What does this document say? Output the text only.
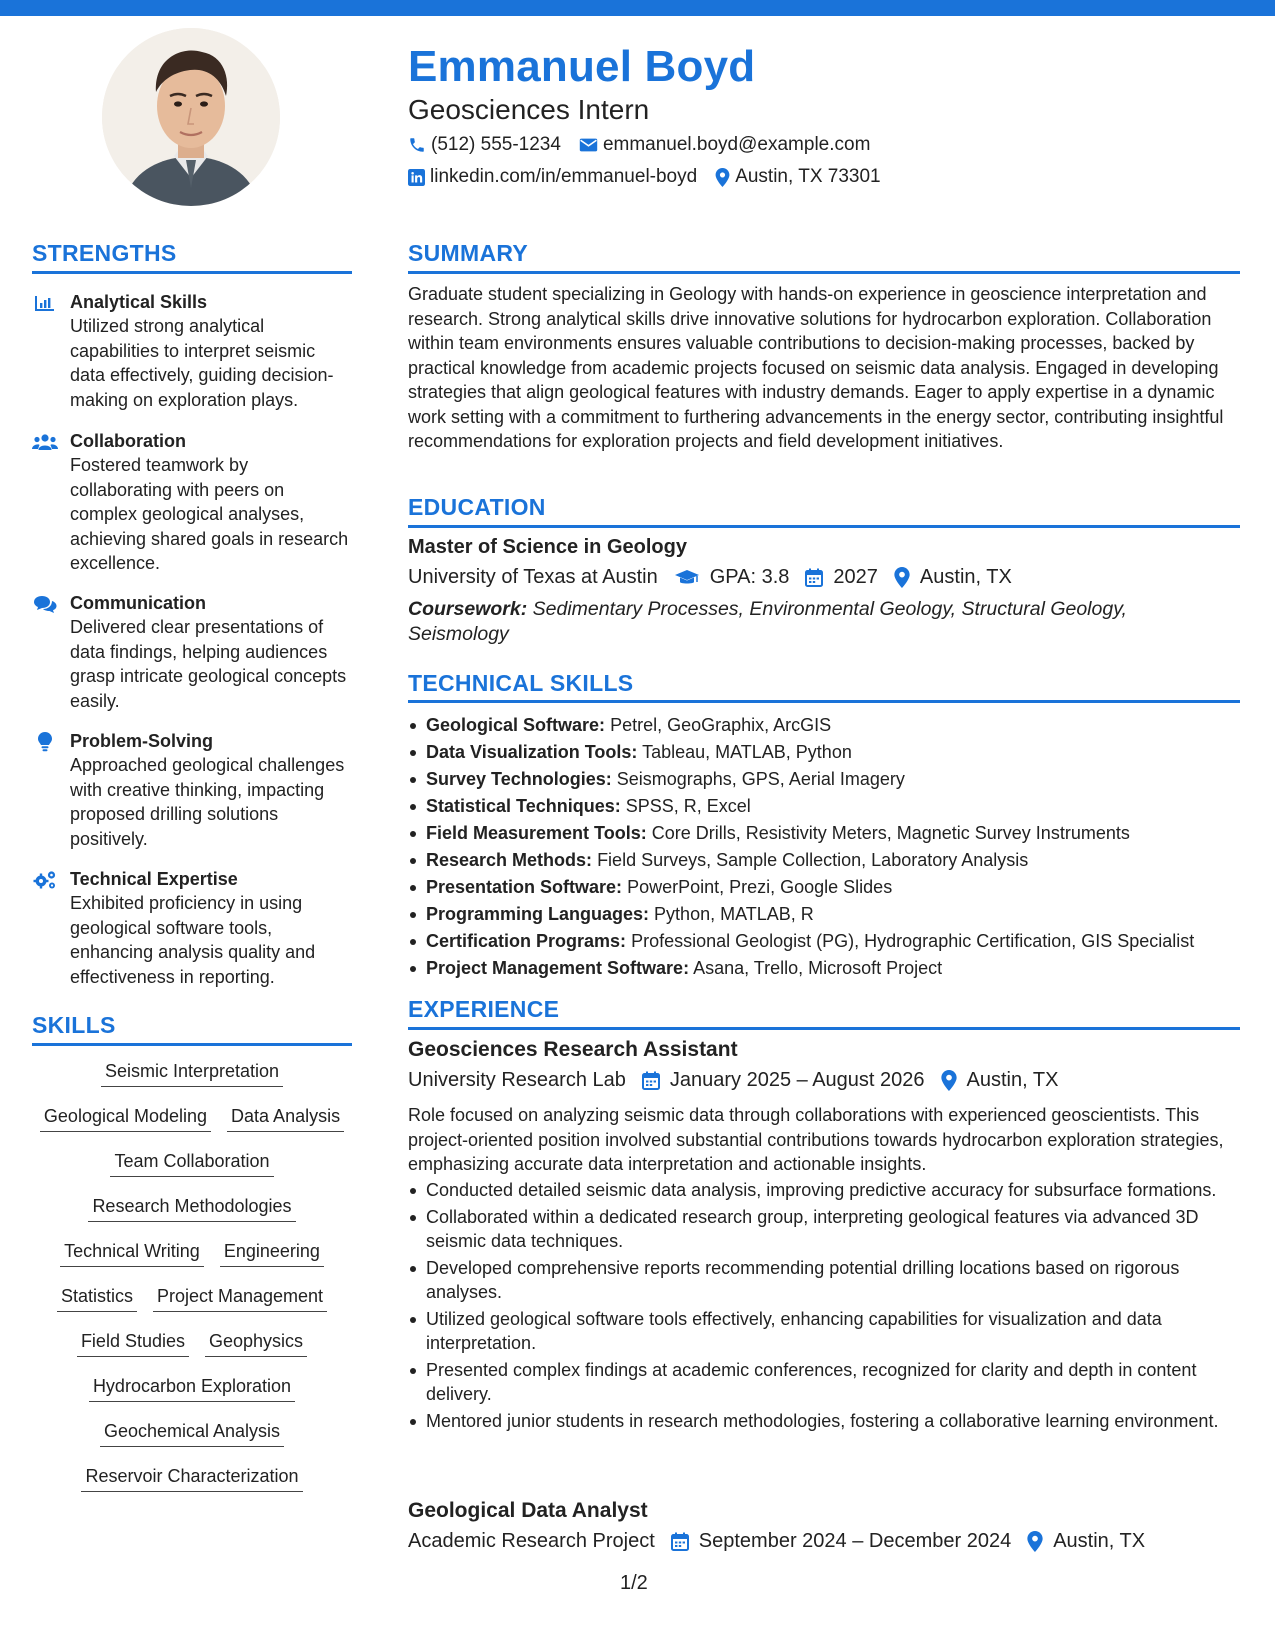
Emmanuel Boyd
Geosciences Intern
(512) 555-1234 emmanuel.boyd@example.com
linkedin.com/in/emmanuel-boyd Austin, TX 73301
STRENGTHS
Analytical Skills
Utilized strong analytical capabilities to interpret seismic data effectively, guiding decision-making on exploration plays.
Collaboration
Fostered teamwork by collaborating with peers on complex geological analyses, achieving shared goals in research excellence.
Communication
Delivered clear presentations of data findings, helping audiences grasp intricate geological concepts easily.
Problem-Solving
Approached geological challenges with creative thinking, impacting proposed drilling solutions positively.
Technical Expertise
Exhibited proficiency in using geological software tools, enhancing analysis quality and effectiveness in reporting.
SKILLS
Seismic Interpretation
Geological Modeling Data Analysis
Team Collaboration
Research Methodologies
Technical Writing Engineering
Statistics Project Management
Field Studies Geophysics
Hydrocarbon Exploration
Geochemical Analysis
Reservoir Characterization
SUMMARY
Graduate student specializing in Geology with hands-on experience in geoscience interpretation and research. Strong analytical skills drive innovative solutions for hydrocarbon exploration. Collaboration within team environments ensures valuable contributions to decision-making processes, backed by practical knowledge from academic projects focused on seismic data analysis. Engaged in developing strategies that align geological features with industry demands. Eager to apply expertise in a dynamic work setting with a commitment to furthering advancements in the energy sector, contributing insightful recommendations for exploration projects and field development initiatives.
EDUCATION
Master of Science in Geology
University of Texas at Austin	GPA: 3.8 2027 Austin, TX
Coursework: Sedimentary Processes, Environmental Geology, Structural Geology, Seismology
TECHNICAL SKILLS
Geological Software: Petrel, GeoGraphix, ArcGIS
Data Visualization Tools: Tableau, MATLAB, Python
Survey Technologies: Seismographs, GPS, Aerial Imagery
Statistical Techniques: SPSS, R, Excel
Field Measurement Tools: Core Drills, Resistivity Meters, Magnetic Survey Instruments
Research Methods: Field Surveys, Sample Collection, Laboratory Analysis
Presentation Software: PowerPoint, Prezi, Google Slides
Programming Languages: Python, MATLAB, R
Certification Programs: Professional Geologist (PG), Hydrographic Certification, GIS Specialist
Project Management Software: Asana, Trello, Microsoft Project
EXPERIENCE
Geosciences Research Assistant
University Research Lab January 2025 – August 2026 Austin, TX
Role focused on analyzing seismic data through collaborations with experienced geoscientists. This project-oriented position involved substantial contributions towards hydrocarbon exploration strategies, emphasizing accurate data interpretation and actionable insights.
Conducted detailed seismic data analysis, improving predictive accuracy for subsurface formations.
Collaborated within a dedicated research group, interpreting geological features via advanced 3D seismic data techniques.
Developed comprehensive reports recommending potential drilling locations based on rigorous analyses.
Utilized geological software tools effectively, enhancing capabilities for visualization and data interpretation.
Presented complex findings at academic conferences, recognized for clarity and depth in content delivery.
Mentored junior students in research methodologies, fostering a collaborative learning environment.
Geological Data Analyst
Academic Research Project September 2024 – December 2024 Austin, TX
1/2
